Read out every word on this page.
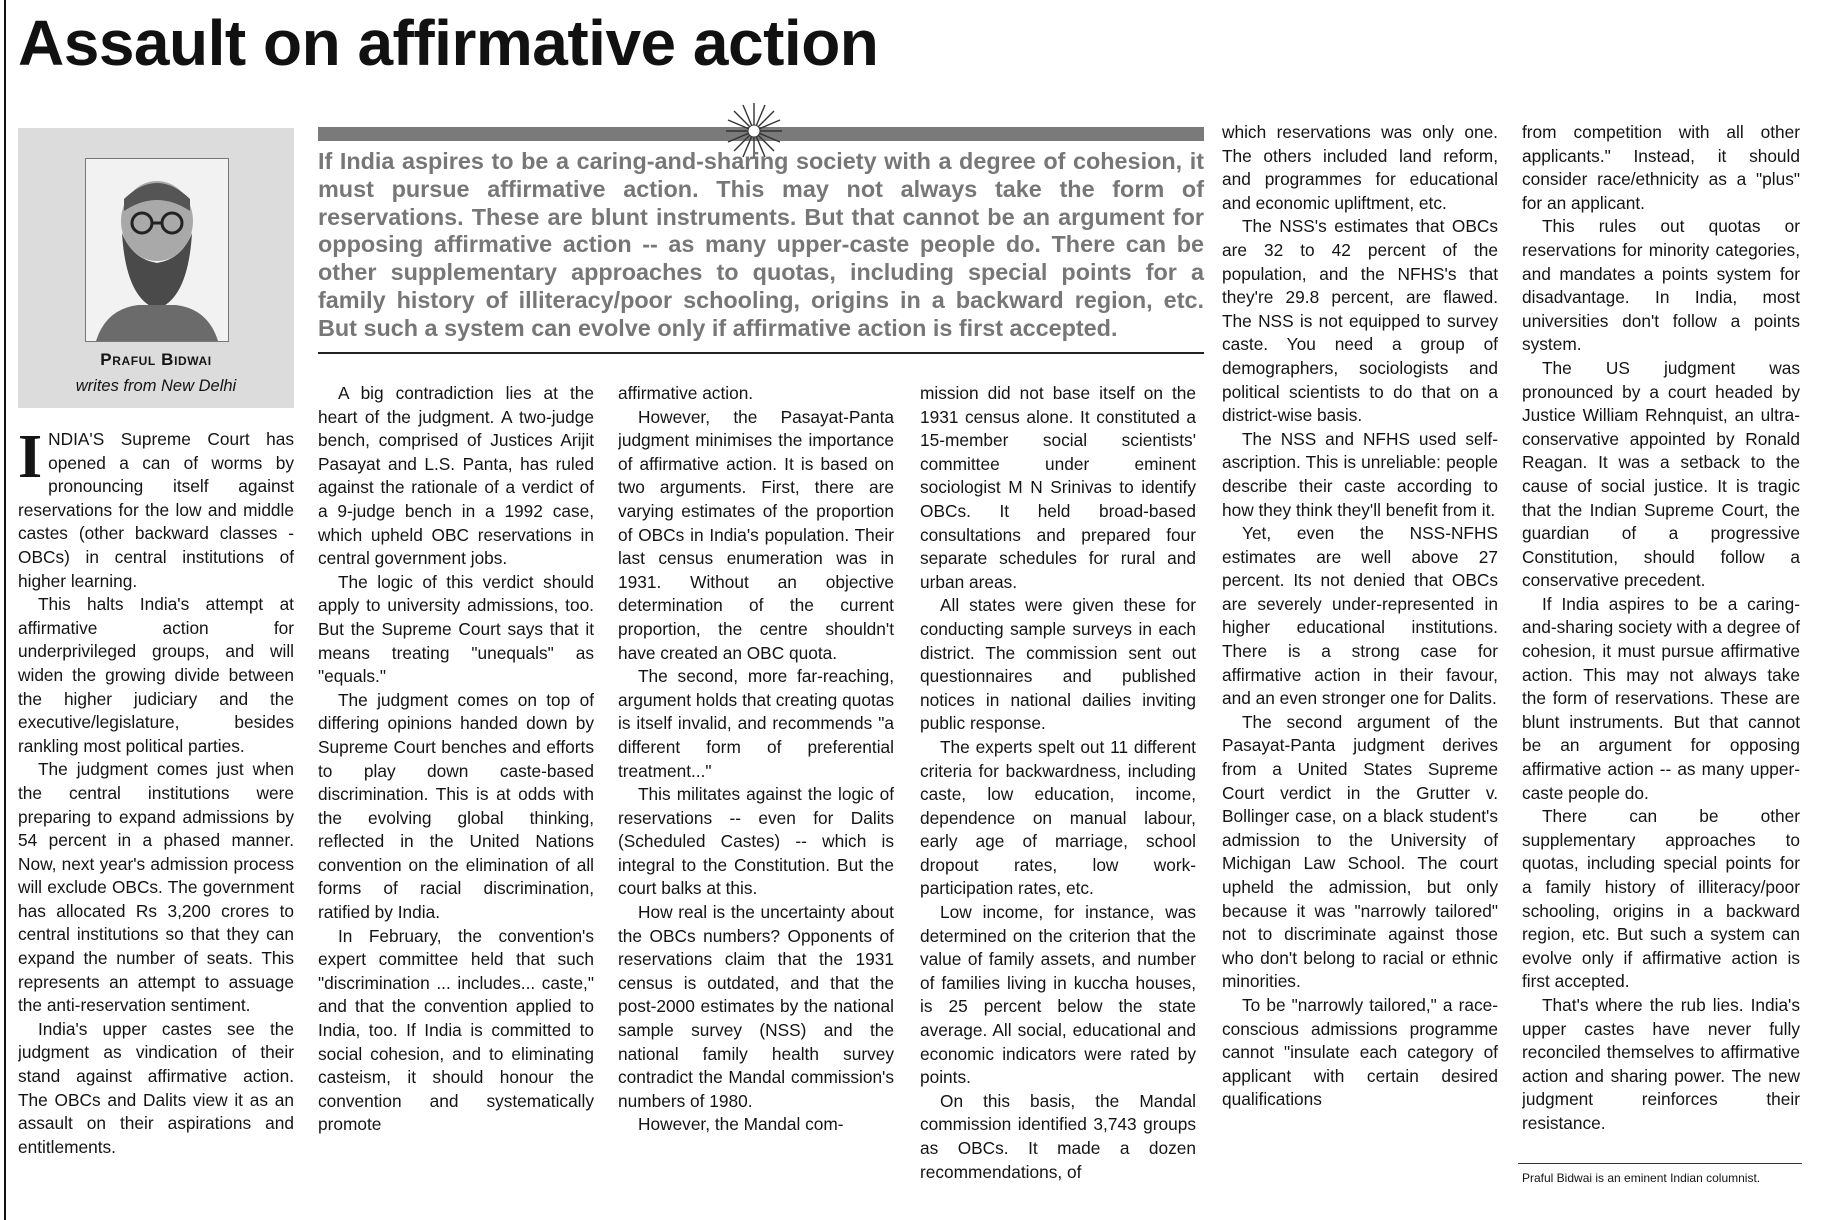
Assault on affirmative action
Praful Bidwai
writes from New Delhi

If India aspires to be a caring-and-sharing society with a degree of cohesion, it must pursue affirmative action. This may not always take the form of reservations. These are blunt instruments. But that cannot be an argument for opposing affirmative action -- as many upper-caste people do. There can be other supplementary approaches to quotas, including special points for a family history of illiteracy/poor schooling, origins in a backward region, etc. But such a system can evolve only if affirmative action is first accepted.

INDIA'S Supreme Court has opened a can of worms by pronouncing itself against reservations for the low and middle castes (other backward classes - OBCs) in central institutions of higher learning.

This halts India's attempt at affirmative action for underprivileged groups, and will widen the growing divide between the higher judiciary and the executive/legislature, besides rankling most political parties.

The judgment comes just when the central institutions were preparing to expand admissions by 54 percent in a phased manner. Now, next year's admission process will exclude OBCs. The government has allocated Rs 3,200 crores to central institutions so that they can expand the number of seats. This represents an attempt to assuage the anti-reservation sentiment.

India's upper castes see the judgment as vindication of their stand against affirmative action. The OBCs and Dalits view it as an assault on their aspirations and entitlements.

A big contradiction lies at the heart of the judgment. A two-judge bench, comprised of Justices Arijit Pasayat and L.S. Panta, has ruled against the rationale of a verdict of a 9-judge bench in a 1992 case, which upheld OBC reservations in central government jobs.

The logic of this verdict should apply to university admissions, too. But the Supreme Court says that it means treating "unequals" as "equals."

The judgment comes on top of differing opinions handed down by Supreme Court benches and efforts to play down caste-based discrimination. This is at odds with the evolving global thinking, reflected in the United Nations convention on the elimination of all forms of racial discrimination, ratified by India.

In February, the convention's expert committee held that such "discrimination ... includes... caste," and that the convention applied to India, too. If India is committed to social cohesion, and to eliminating casteism, it should honour the convention and systematically promote

affirmative action.

However, the Pasayat-Panta judgment minimises the importance of affirmative action. It is based on two arguments. First, there are varying estimates of the proportion of OBCs in India's population. Their last census enumeration was in 1931. Without an objective determination of the current proportion, the centre shouldn't have created an OBC quota.

The second, more far-reaching, argument holds that creating quotas is itself invalid, and recommends "a different form of preferential treatment..."

This militates against the logic of reservations -- even for Dalits (Scheduled Castes) -- which is integral to the Constitution. But the court balks at this.

How real is the uncertainty about the OBCs numbers? Opponents of reservations claim that the 1931 census is outdated, and that the post-2000 estimates by the national sample survey (NSS) and the national family health survey contradict the Mandal commission's numbers of 1980.

However, the Mandal com-

mission did not base itself on the 1931 census alone. It constituted a 15-member social scientists' committee under eminent sociologist M N Srinivas to identify OBCs. It held broad-based consultations and prepared four separate schedules for rural and urban areas.

All states were given these for conducting sample surveys in each district. The commission sent out questionnaires and published notices in national dailies inviting public response.

The experts spelt out 11 different criteria for backwardness, including caste, low education, income, dependence on manual labour, early age of marriage, school dropout rates, low work-participation rates, etc.

Low income, for instance, was determined on the criterion that the value of family assets, and number of families living in kuccha houses, is 25 percent below the state average. All social, educational and economic indicators were rated by points.

On this basis, the Mandal commission identified 3,743 groups as OBCs. It made a dozen recommendations, of

which reservations was only one. The others included land reform, and programmes for educational and economic upliftment, etc.

The NSS's estimates that OBCs are 32 to 42 percent of the population, and the NFHS's that they're 29.8 percent, are flawed. The NSS is not equipped to survey caste. You need a group of demographers, sociologists and political scientists to do that on a district-wise basis.

The NSS and NFHS used self-ascription. This is unreliable: people describe their caste according to how they think they'll benefit from it.

Yet, even the NSS-NFHS estimates are well above 27 percent. Its not denied that OBCs are severely under-represented in higher educational institutions. There is a strong case for affirmative action in their favour, and an even stronger one for Dalits.

The second argument of the Pasayat-Panta judgment derives from a United States Supreme Court verdict in the Grutter v. Bollinger case, on a black student's admission to the University of Michigan Law School. The court upheld the admission, but only because it was "narrowly tailored" not to discriminate against those who don't belong to racial or ethnic minorities.

To be "narrowly tailored," a race-conscious admissions programme cannot "insulate each category of applicant with certain desired qualifications

from competition with all other applicants." Instead, it should consider race/ethnicity as a "plus" for an applicant.

This rules out quotas or reservations for minority categories, and mandates a points system for disadvantage. In India, most universities don't follow a points system.

The US judgment was pronounced by a court headed by Justice William Rehnquist, an ultra-conservative appointed by Ronald Reagan. It was a setback to the cause of social justice. It is tragic that the Indian Supreme Court, the guardian of a progressive Constitution, should follow a conservative precedent.

If India aspires to be a caring-and-sharing society with a degree of cohesion, it must pursue affirmative action. This may not always take the form of reservations. These are blunt instruments. But that cannot be an argument for opposing affirmative action -- as many upper-caste people do.

There can be other supplementary approaches to quotas, including special points for a family history of illiteracy/poor schooling, origins in a backward region, etc. But such a system can evolve only if affirmative action is first accepted.

That's where the rub lies. India's upper castes have never fully reconciled themselves to affirmative action and sharing power. The new judgment reinforces their resistance.

Praful Bidwai is an eminent Indian columnist.
